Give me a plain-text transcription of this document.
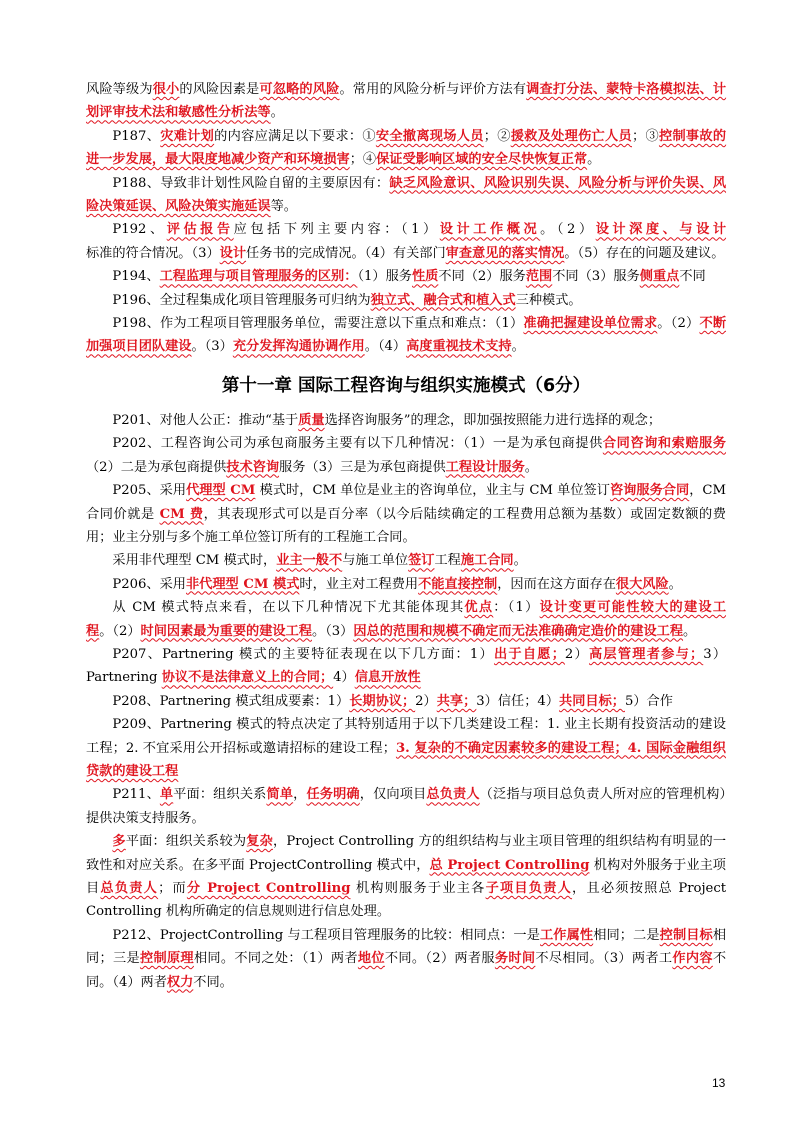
风险等级为很小的风险因素是可忽略的风险。常用的风险分析与评价方法有调查打分法、蒙特卡洛模拟法、计划评审技术法和敏感性分析法等。

P187、灾难计划的内容应满足以下要求：①安全撤离现场人员；②援救及处理伤亡人员；③控制事故的进一步发展，最大限度地减少资产和环境损害；④保证受影响区域的安全尽快恢复正常。

P188、导致非计划性风险自留的主要原因有：缺乏风险意识、风险识别失误、风险分析与评价失误、风险决策延误、风险决策实施延误等。

P192、评估报告应包括下列主要内容：（1）设计工作概况。（2）设计深度、与设计标准的符合情况。（3）设计任务书的完成情况。（4）有关部门审查意见的落实情况。（5）存在的问题及建议。

P194、工程监理与项目管理服务的区别：（1）服务性质不同（2）服务范围不同（3）服务侧重点不同

P196、全过程集成化项目管理服务可归纳为独立式、融合式和植入式三种模式。

P198、作为工程项目管理服务单位，需要注意以下重点和难点：（1）准确把握建设单位需求。（2）不断加强项目团队建设。（3）充分发挥沟通协调作用。（4）高度重视技术支持。

第十一章 国际工程咨询与组织实施模式（6分）

P201、对他人公正：推动“基于质量选择咨询服务”的理念，即加强按照能力进行选择的观念；

P202、工程咨询公司为承包商服务主要有以下几种情况：（1）一是为承包商提供合同咨询和索赔服务（2）二是为承包商提供技术咨询服务（3）三是为承包商提供工程设计服务。

P205、采用代理型 CM 模式时，CM 单位是业主的咨询单位，业主与 CM 单位签订咨询服务合同，CM 合同价就是 CM 费，其表现形式可以是百分率（以今后陆续确定的工程费用总额为基数）或固定数额的费用；业主分别与多个施工单位签订所有的工程施工合同。

采用非代理型 CM 模式时，业主一般不与施工单位签订工程施工合同。

P206、采用非代理型 CM 模式时，业主对工程费用不能直接控制，因而在这方面存在很大风险。

从 CM 模式特点来看，在以下几种情况下尤其能体现其优点：（1）设计变更可能性较大的建设工程。（2）时间因素最为重要的建设工程。（3）因总的范围和规模不确定而无法准确确定造价的建设工程。

P207、Partnering 模式的主要特征表现在以下几方面：1）出于自愿；2）高层管理者参与；3）Partnering 协议不是法律意义上的合同；4）信息开放性

P208、Partnering 模式组成要素：1）长期协议；2）共享；3）信任；4）共同目标；5）合作

P209、Partnering 模式的特点决定了其特别适用于以下几类建设工程：1. 业主长期有投资活动的建设工程；2. 不宜采用公开招标或邀请招标的建设工程；3. 复杂的不确定因素较多的建设工程；4. 国际金融组织贷款的建设工程

P211、单平面：组织关系简单，任务明确，仅向项目总负责人（泛指与项目总负责人所对应的管理机构）提供决策支持服务。

多平面：组织关系较为复杂，Project Controlling 方的组织结构与业主项目管理的组织结构有明显的一致性和对应关系。在多平面 ProjectControlling 模式中，总 Project Controlling 机构对外服务于业主项目总负责人；而分 Project Controlling 机构则服务于业主各子项目负责人，且必须按照总 Project Controlling 机构所确定的信息规则进行信息处理。

P212、ProjectControlling 与工程项目管理服务的比较：相同点：一是工作属性相同；二是控制目标相同；三是控制原理相同。不同之处：（1）两者地位不同。（2）两者服务时间不尽相同。（3）两者工作内容不同。（4）两者权力不同。

13
